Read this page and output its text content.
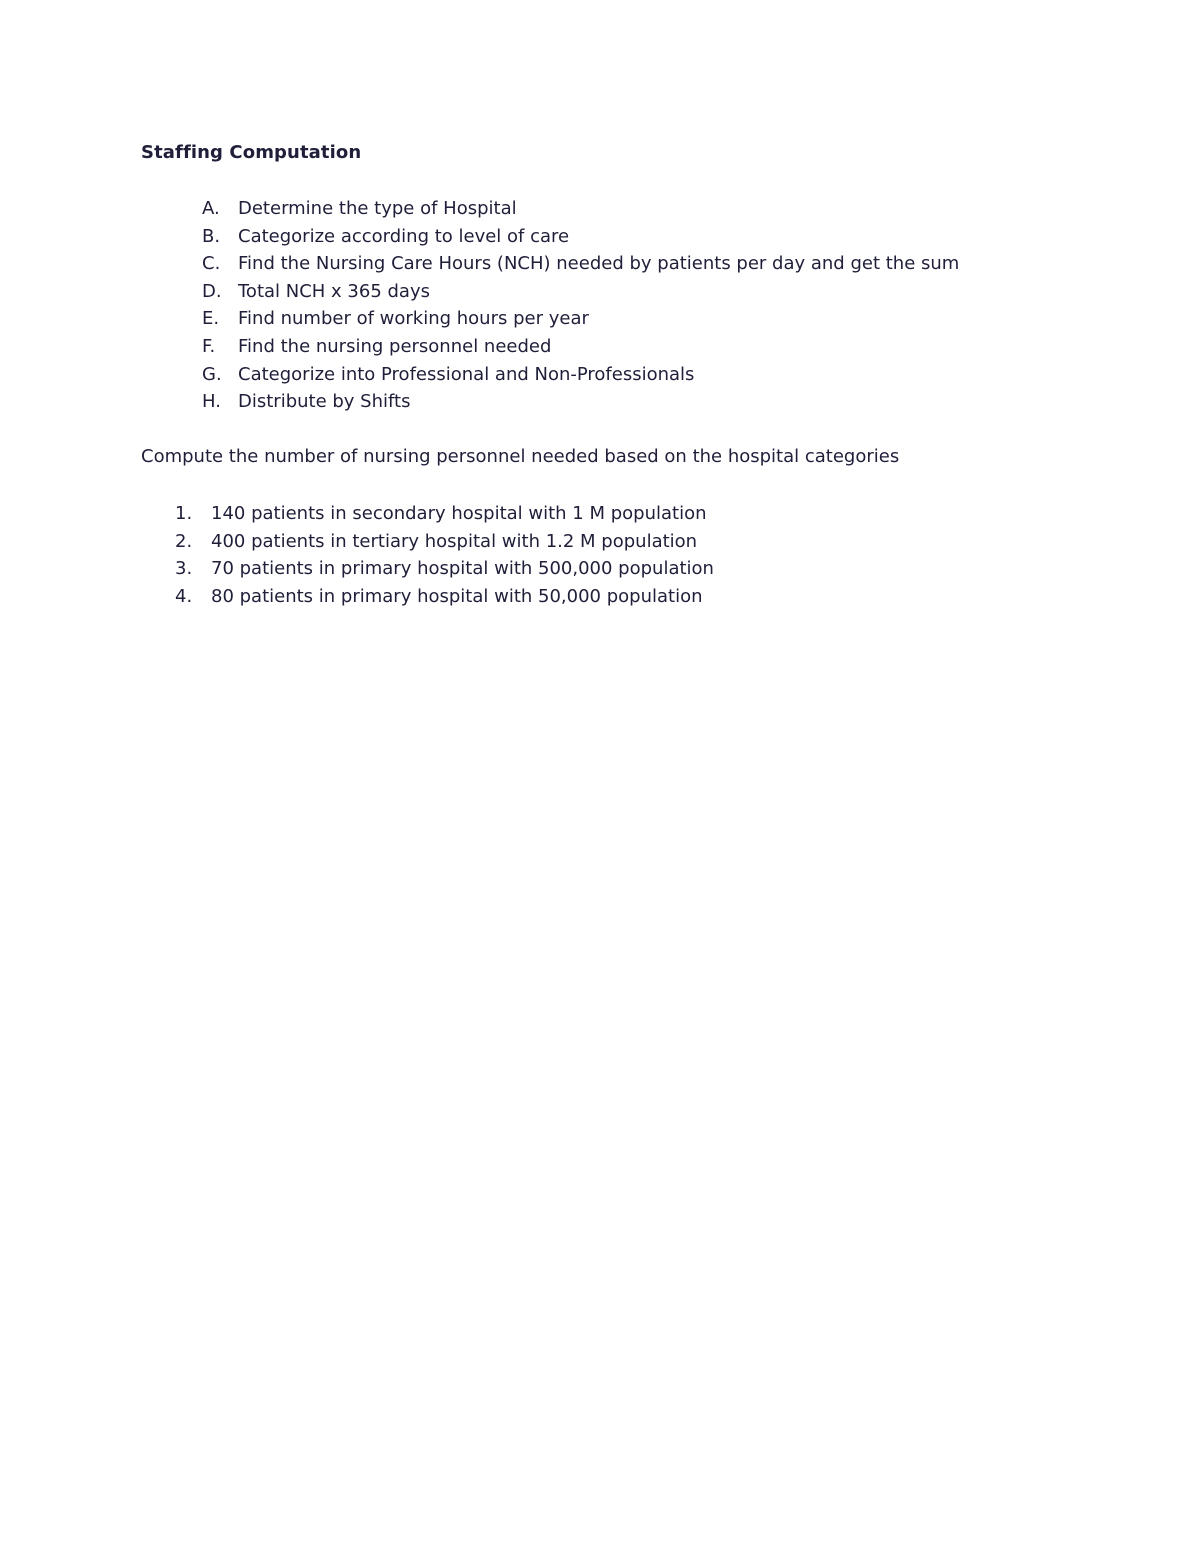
Staffing Computation
A. Determine the type of Hospital
B. Categorize according to level of care
C. Find the Nursing Care Hours (NCH) needed by patients per day and get the sum
D. Total NCH x 365 days
E. Find number of working hours per year
F. Find the nursing personnel needed
G. Categorize into Professional and Non-Professionals
H. Distribute by Shifts
Compute the number of nursing personnel needed based on the hospital categories
1. 140 patients in secondary hospital with 1 M population
2. 400 patients in tertiary hospital with 1.2 M population
3. 70 patients in primary hospital with 500,000 population
4. 80 patients in primary hospital with 50,000 population
